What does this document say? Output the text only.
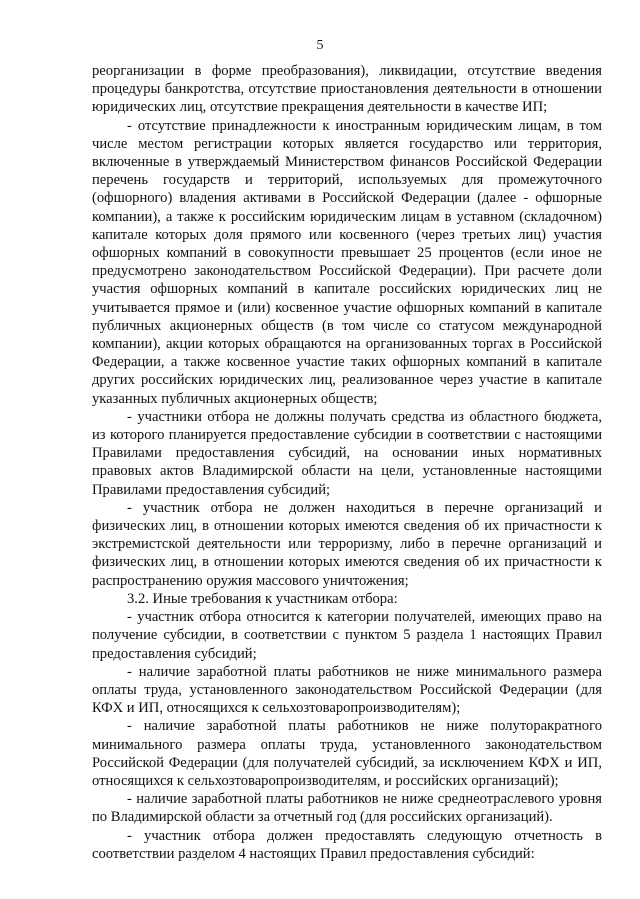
5

реорганизации в форме преобразования), ликвидации, отсутствие введения процедуры банкротства, отсутствие приостановления деятельности в отношении юридических лиц, отсутствие прекращения деятельности в качестве ИП;

- отсутствие принадлежности к иностранным юридическим лицам, в том числе местом регистрации которых является государство или территория, включенные в утверждаемый Министерством финансов Российской Федерации перечень государств и территорий, используемых для промежуточного (офшорного) владения активами в Российской Федерации (далее - офшорные компании), а также к российским юридическим лицам в уставном (складочном) капитале которых доля прямого или косвенного (через третьих лиц) участия офшорных компаний в совокупности превышает 25 процентов (если иное не предусмотрено законодательством Российской Федерации). При расчете доли участия офшорных компаний в капитале российских юридических лиц не учитывается прямое и (или) косвенное участие офшорных компаний в капитале публичных акционерных обществ (в том числе со статусом международной компании), акции которых обращаются на организованных торгах в Российской Федерации, а также косвенное участие таких офшорных компаний в капитале других российских юридических лиц, реализованное через участие в капитале указанных публичных акционерных обществ;

- участники отбора не должны получать средства из областного бюджета, из которого планируется предоставление субсидии в соответствии с настоящими Правилами предоставления субсидий, на основании иных нормативных правовых актов Владимирской области на цели, установленные настоящими Правилами предоставления субсидий;

- участник отбора не должен находиться в перечне организаций и физических лиц, в отношении которых имеются сведения об их причастности к экстремистской деятельности или терроризму, либо в перечне организаций и физических лиц, в отношении которых имеются сведения об их причастности к распространению оружия массового уничтожения;

3.2. Иные требования к участникам отбора:

- участник отбора относится к категории получателей, имеющих право на получение субсидии, в соответствии с пунктом 5 раздела 1 настоящих Правил предоставления субсидий;

- наличие заработной платы работников не ниже минимального размера оплаты труда, установленного законодательством Российской Федерации (для КФХ и ИП, относящихся к сельхозтоваропроизводителям);

- наличие заработной платы работников не ниже полуторакратного минимального размера оплаты труда, установленного законодательством Российской Федерации (для получателей субсидий, за исключением КФХ и ИП, относящихся к сельхозтоваропроизводителям, и российских организаций);

- наличие заработной платы работников не ниже среднеотраслевого уровня по Владимирской области за отчетный год (для российских организаций).

- участник отбора должен предоставлять следующую отчетность в соответствии разделом 4 настоящих Правил предоставления субсидий:
